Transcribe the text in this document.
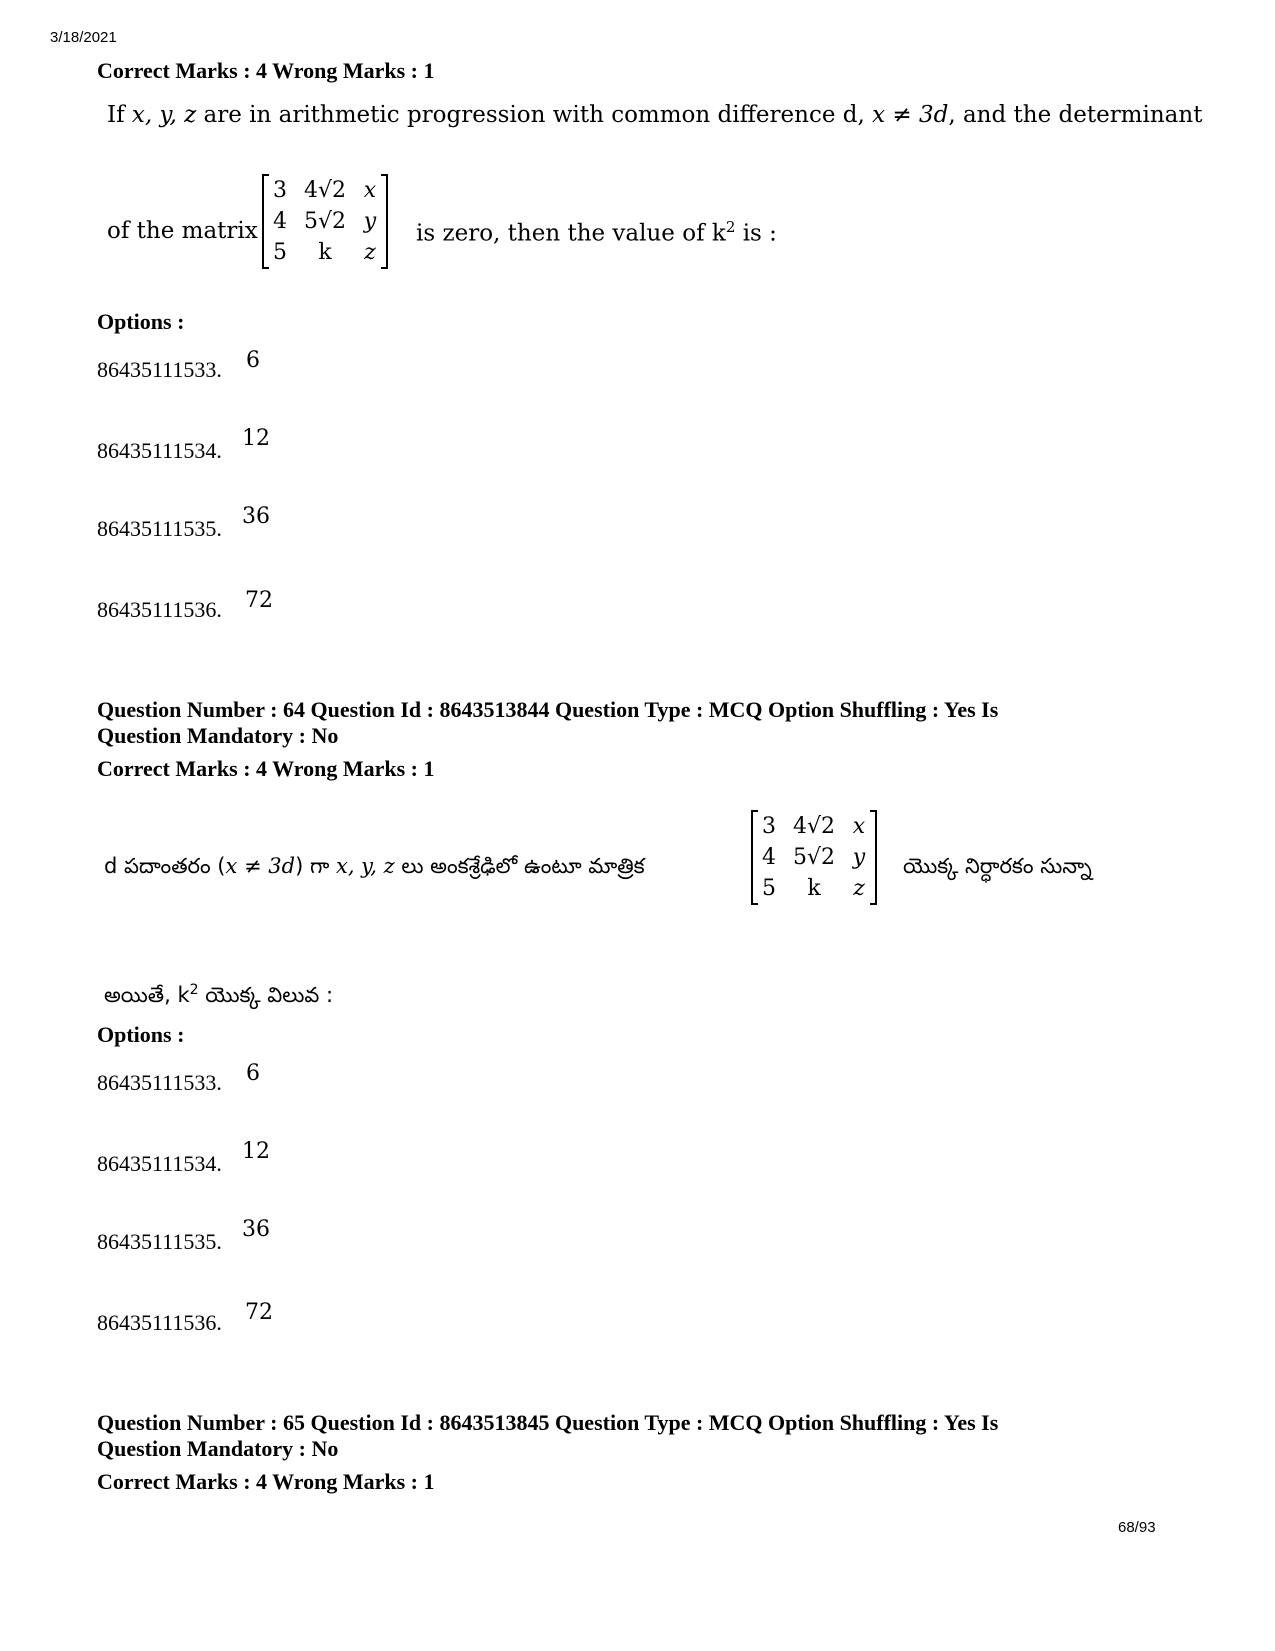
3/18/2021
Correct Marks : 4 Wrong Marks : 1
If x, y, z are in arithmetic progression with common difference d, x ≠ 3d, and the determinant
of the matrix
3 4√2 x
4 5√2 y
5	k	z
is zero, then the value of $k^2$ is :
Options :
86435111533. 6
86435111534. 12
86435111535. 36
86435111536. 72
Question Number : 64 Question Id : 8643513844 Question Type : MCQ Option Shuffling : Yes Is
Question Mandatory : No
Correct Marks : 4 Wrong Marks : 1
d పదాంతరం (x ≠ 3d) గా x, y, z లు అంకశ్రేఢిలో ఉంటూ మాత్రిక
3 4√2 x
4 5√2 y
5	k	z
యొక్క నిర్ధారకం సున్నా
అయితే, $k^2$ యొక్క విలువ :
Options :
86435111533. 6
86435111534. 12
86435111535. 36
86435111536. 72
Question Number : 65 Question Id : 8643513845 Question Type : MCQ Option Shuffling : Yes Is
Question Mandatory : No
Correct Marks : 4 Wrong Marks : 1
68/93
